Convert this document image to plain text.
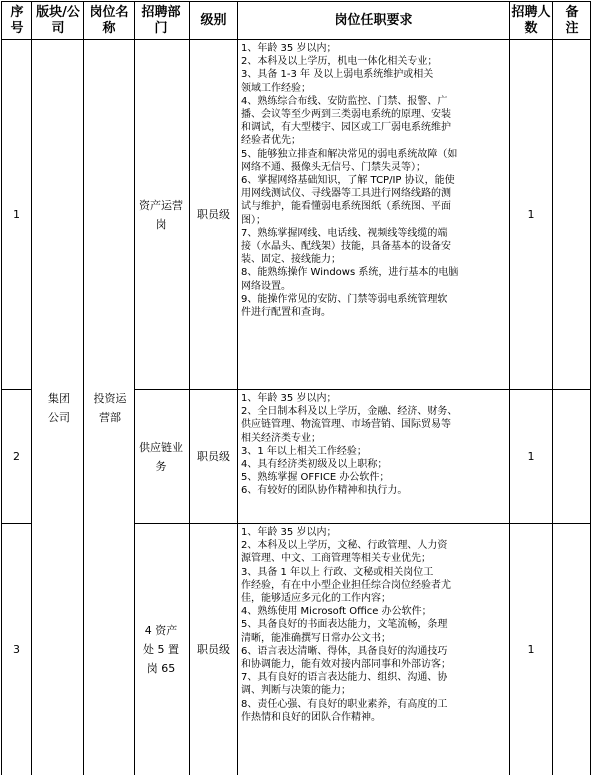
序号
版块/公司
岗位名称
招聘部门
级别	岗位任职要求
招聘人数
备注
集团公司
投资运营部
1
资产运营岗
职员级
1、年龄 35 岁以内；
2、本科及以上学历，机电一体化相关专业；
3、具备 1-3 年 及以上弱电系统维护或相关
领域工作经验；
4、熟练综合布线、安防监控、门禁、报警、广
播、会议等至少两到三类弱电系统的原理、安装
和调试，有大型楼宇、园区或工厂弱电系统维护
经验者优先；
5、能够独立排查和解决常见的弱电系统故障（如
网络不通、摄像头无信号、门禁失灵等）；
6、掌握网络基础知识，了解 TCP/IP 协议，能使
用网线测试仪、寻线器等工具进行网络线路的测
试与维护，能看懂弱电系统图纸（系统图、平面
图）；
7、熟练掌握网线、电话线、视频线等线缆的端
接（水晶头、配线架）技能，具备基本的设备安
装、固定、接线能力；
8、能熟练操作 Windows 系统，进行基本的电脑
网络设置。
9、能操作常见的安防、门禁等弱电系统管理软
件进行配置和查询。
1
2
供应链业务
职员级
1、年龄 35 岁以内；
2、全日制本科及以上学历，金融、经济、财务、
供应链管理、物流管理、市场营销、国际贸易等
相关经济类专业；
3、1 年以上相关工作经验；
4、具有经济类初级及以上职称；
5、熟练掌握 OFFICE 办公软件；
6、有较好的团队协作精神和执行力。
1
3
4 资产处 5 置岗 65
职员级
1、年龄 35 岁以内；
2、本科及以上学历，文秘、行政管理、人力资
源管理、中文、工商管理等相关专业优先；
3、具备 1 年以上 行政、文秘或相关岗位工
作经验，有在中小型企业担任综合岗位经验者尤
佳，能够适应多元化的工作内容；
4、熟练使用 Microsoft Office 办公软件；
5、具备良好的书面表达能力，文笔流畅，条理
清晰，能准确撰写日常办公文书；
6、语言表达清晰、得体，具备良好的沟通技巧
和协调能力，能有效对接内部同事和外部访客；
7、具有良好的语言表达能力、组织、沟通、协
调、判断与决策的能力；
8、责任心强、有良好的职业素养，有高度的工
作热情和良好的团队合作精神。
1
